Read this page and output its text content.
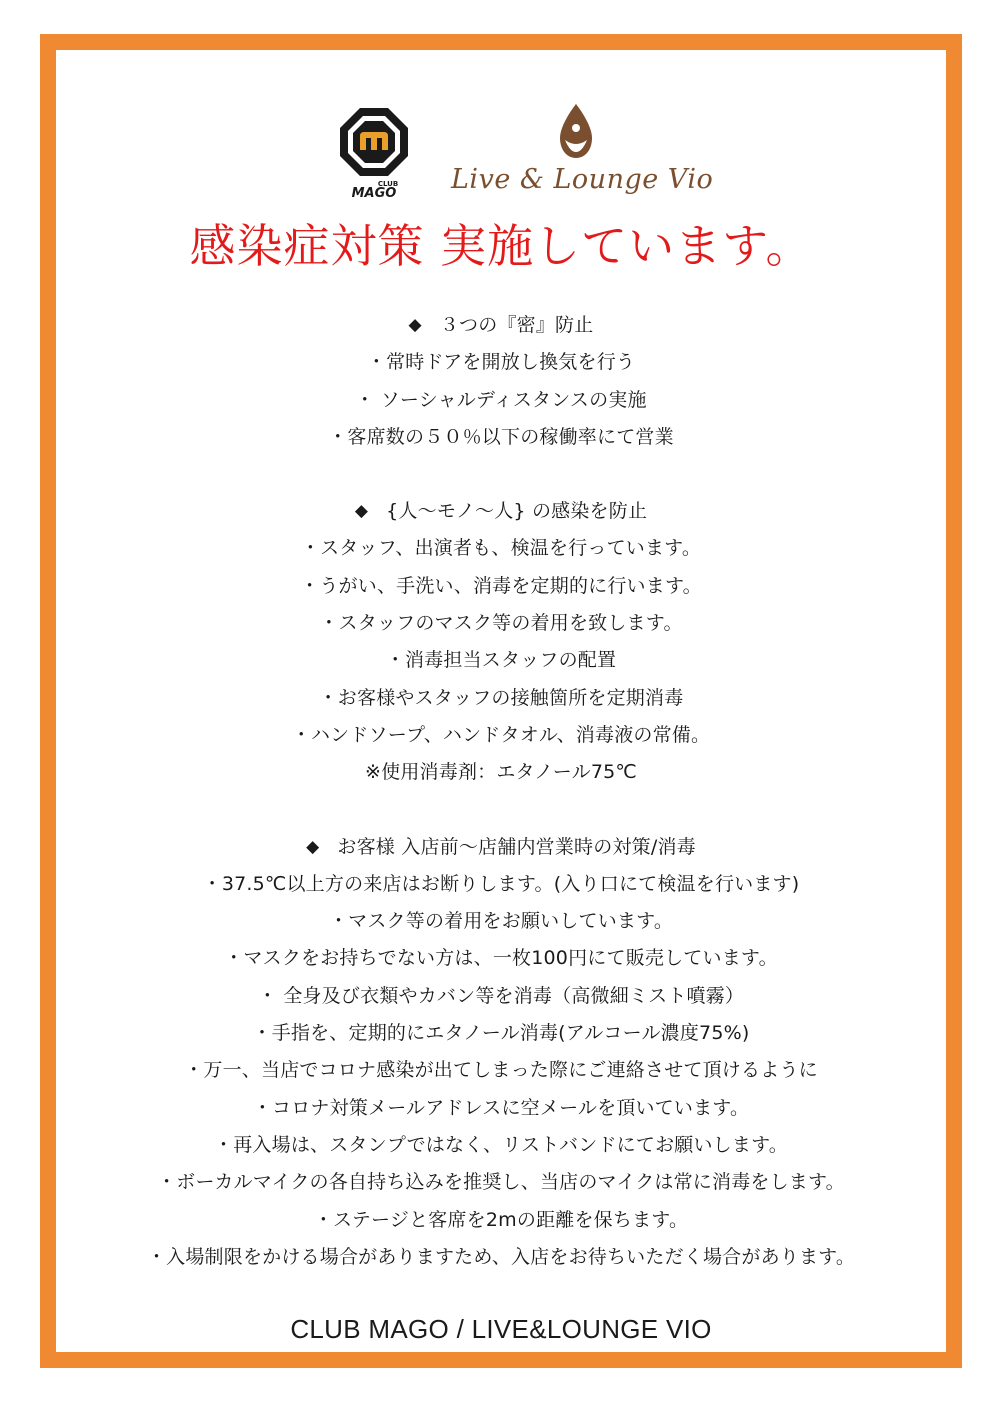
CLUB
MAGO Live & Lounge Vio
感染症対策 実施しています。
◆ ３つの『密』防止
・常時ドアを開放し換気を行う
・ ソーシャルディスタンスの実施
・客席数の５０％以下の稼働率にて営業
◆ {人〜モノ〜人} の感染を防止
・スタッフ、出演者も、検温を行っています。
・うがい、手洗い、消毒を定期的に行います。
・スタッフのマスク等の着用を致します。
・消毒担当スタッフの配置
・お客様やスタッフの接触箇所を定期消毒
・ハンドソープ、ハンドタオル、消毒液の常備。
※使用消毒剤：エタノール75℃
◆ お客様 入店前〜店舗内営業時の対策/消毒
・37.5℃以上方の来店はお断りします。(入り口にて検温を行います)
・マスク等の着用をお願いしています。
・マスクをお持ちでない方は、一枚100円にて販売しています。
・ 全身及び衣類やカバン等を消毒（高微細ミスト噴霧）
・手指を、定期的にエタノール消毒(アルコール濃度75%)
・万一、当店でコロナ感染が出てしまった際にご連絡させて頂けるように
・コロナ対策メールアドレスに空メールを頂いています。
・再入場は、スタンプではなく、リストバンドにてお願いします。
・ボーカルマイクの各自持ち込みを推奨し、当店のマイクは常に消毒をします。
・ステージと客席を2mの距離を保ちます。
・入場制限をかける場合がありますため、入店をお待ちいただく場合があります。
CLUB MAGO / LIVE&LOUNGE VIO
